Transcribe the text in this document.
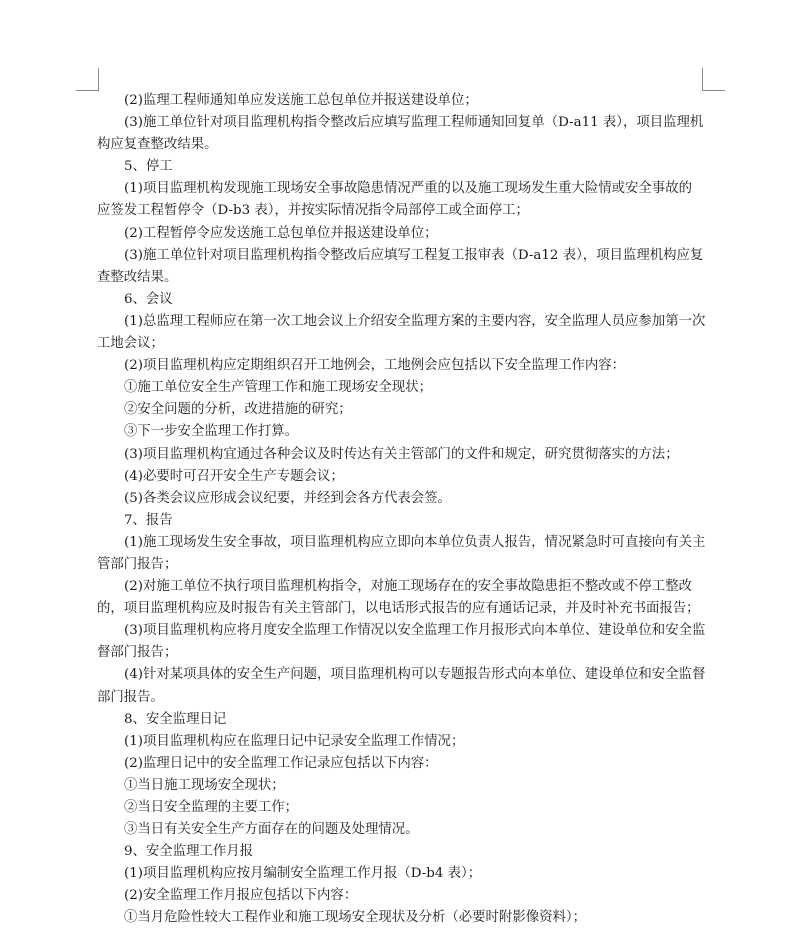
(2)监理工程师通知单应发送施工总包单位并报送建设单位；
(3)施工单位针对项目监理机构指令整改后应填写监理工程师通知回复单（D-a11 表），项目监理机
构应复查整改结果。
5、停工
(1)项目监理机构发现施工现场安全事故隐患情况严重的以及施工现场发生重大险情或安全事故的
应签发工程暂停令（D-b3 表），并按实际情况指令局部停工或全面停工；
(2)工程暂停令应发送施工总包单位并报送建设单位；
(3)施工单位针对项目监理机构指令整改后应填写工程复工报审表（D-a12 表），项目监理机构应复
查整改结果。
6、会议
(1)总监理工程师应在第一次工地会议上介绍安全监理方案的主要内容，安全监理人员应参加第一次
工地会议；
(2)项目监理机构应定期组织召开工地例会，工地例会应包括以下安全监理工作内容：
①施工单位安全生产管理工作和施工现场安全现状；
②安全问题的分析，改进措施的研究；
③下一步安全监理工作打算。
(3)项目监理机构宜通过各种会议及时传达有关主管部门的文件和规定，研究贯彻落实的方法；
(4)必要时可召开安全生产专题会议；
(5)各类会议应形成会议纪要，并经到会各方代表会签。
7、报告
(1)施工现场发生安全事故，项目监理机构应立即向本单位负责人报告，情况紧急时可直接向有关主
管部门报告；
(2)对施工单位不执行项目监理机构指令，对施工现场存在的安全事故隐患拒不整改或不停工整改
的，项目监理机构应及时报告有关主管部门，以电话形式报告的应有通话记录，并及时补充书面报告；
(3)项目监理机构应将月度安全监理工作情况以安全监理工作月报形式向本单位、建设单位和安全监
督部门报告；
(4)针对某项具体的安全生产问题，项目监理机构可以专题报告形式向本单位、建设单位和安全监督
部门报告。
8、安全监理日记
(1)项目监理机构应在监理日记中记录安全监理工作情况；
(2)监理日记中的安全监理工作记录应包括以下内容：
①当日施工现场安全现状；
②当日安全监理的主要工作；
③当日有关安全生产方面存在的问题及处理情况。
9、安全监理工作月报
(1)项目监理机构应按月编制安全监理工作月报（D-b4 表）；
(2)安全监理工作月报应包括以下内容：
①当月危险性较大工程作业和施工现场安全现状及分析（必要时附影像资料）；
